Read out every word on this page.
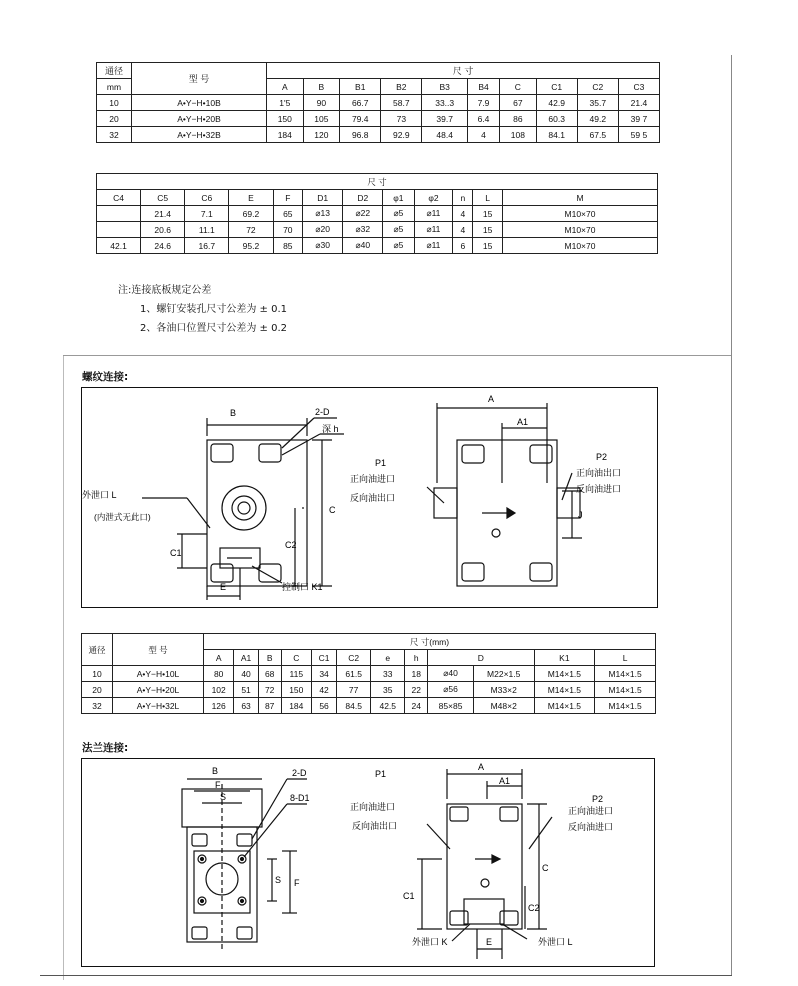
通径	型 号	尺 寸									
mm		A	B	B1	B2	B3	B4	C	C1	C2	C3
10	A•Y−H•10B	1'5	90	66.7	58.7	33..3	7.9	67	42.9	35.7	21.4
20	A•Y−H•20B	150	105	79.4	73	39.7	6.4	86	60.3	49.2	39 7
32	A•Y−H•32B	184	120	96.8	92.9	48.4	4	108	84.1	67.5	59 5
尺 寸											
C4	C5	C6	E	F	D1	D2	φ1	φ2	n	L	M
	21.4	7.1	69.2	65	⌀13	⌀22	⌀5	⌀11	4	15	M10×70
	20.6	11.1	72	70	⌀20	⌀32	⌀5	⌀11	4	15	M10×70
42.1	24.6	16.7	95.2	85	⌀30	⌀40	⌀5	⌀11	6	15	M10×70
注:连接底板规定公差
1、螺钉安装孔尺寸公差为 ± 0.1
2、各油口位置尺寸公差为 ± 0.2
螺纹连接:
B	2-D
深 h
C
C2
C1
E
外泄口 L
(内泄式无此口)
控制口 K1
A
A1
P1
正向油进口
反向油出口
P2
正向油出口
反向油进口
J
通径	型 号	尺 寸(mm)											
		A	A1	B	C	C1	C2	e	h	D		K1	L
10	A•Y−H•10L	80	40	68	115	34	61.5	33	18	⌀40	M22×1.5	M14×1.5	M14×1.5
20	A•Y−H•20L	102	51	72	150	42	77	35	22	⌀56	M33×2	M14×1.5	M14×1.5
32	A•Y−H•32L	126	63	87	184	56	84.5	42.5	24	85×85	M48×2	M14×1.5	M14×1.5
法兰连接:
B
F
S
2-D
8-D1
S F
A
A1
P1
正向油进口
反向油出口
P2
正向油进口
反向油进口
C
C1
C2
E
外泄口 K	外泄口 L
